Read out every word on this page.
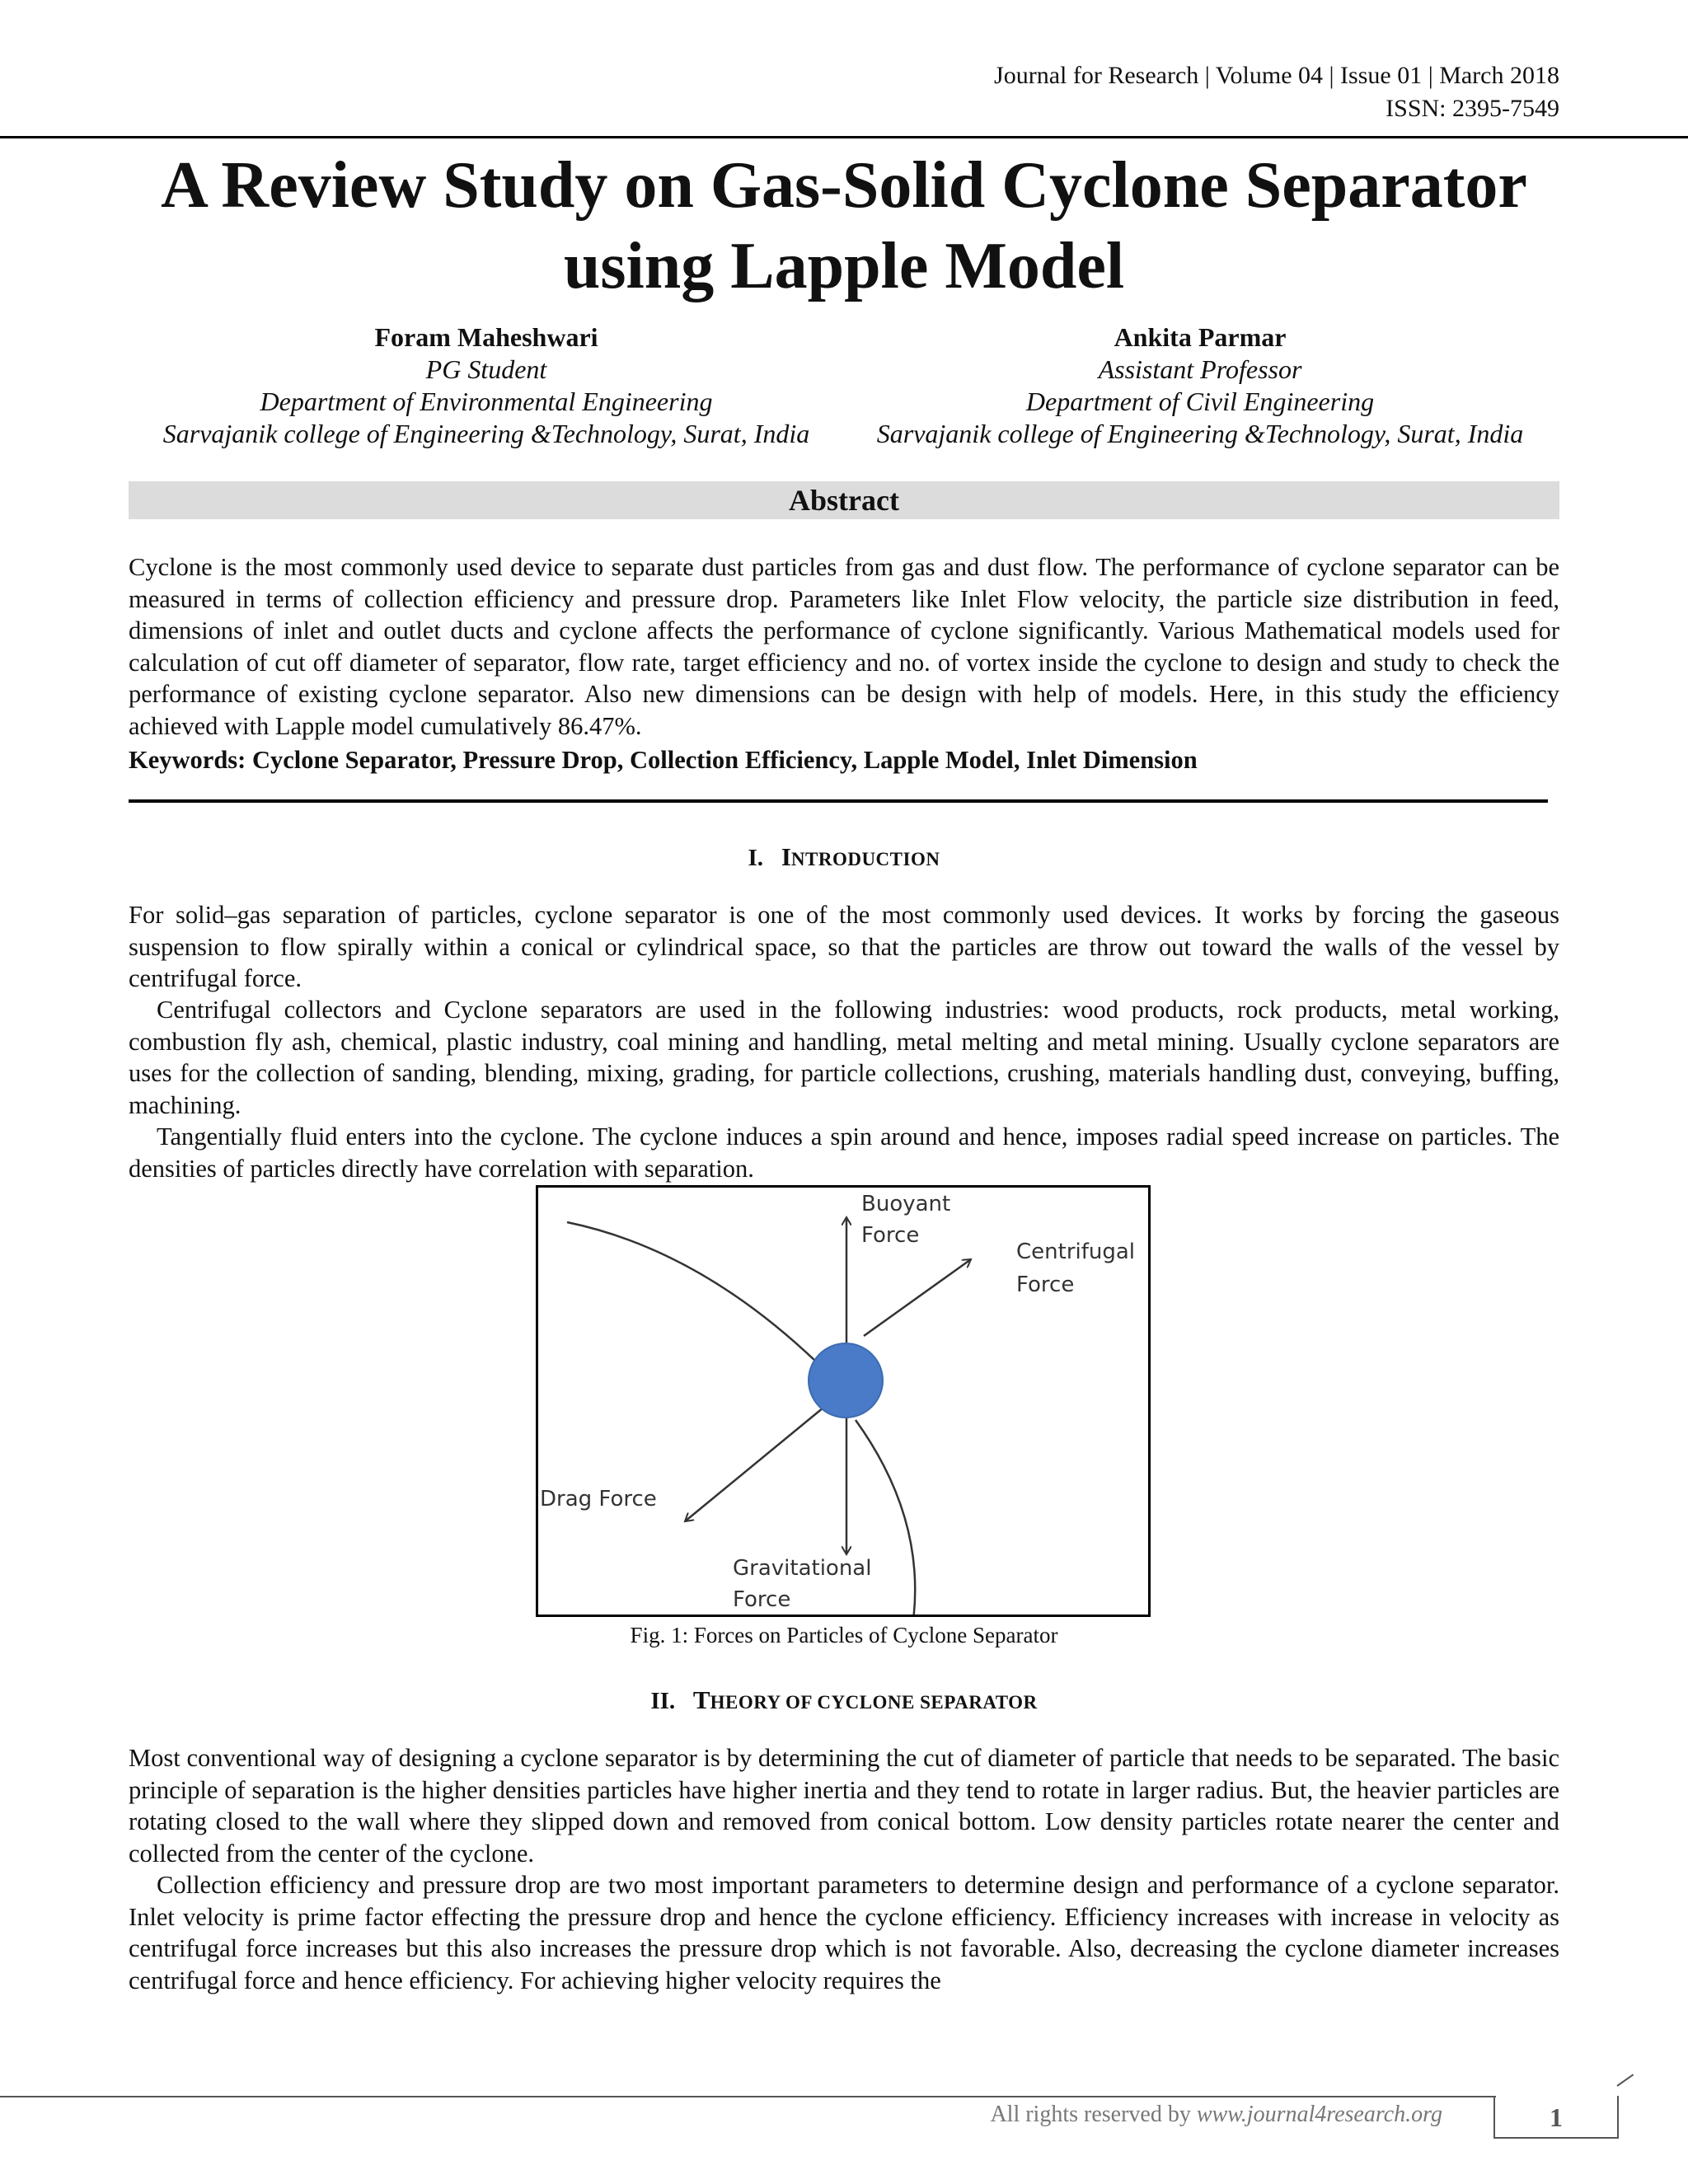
Journal for Research | Volume 04 | Issue 01 | March 2018
ISSN: 2395-7549
A Review Study on Gas-Solid Cyclone Separator
using Lapple Model
Foram Maheshwari
PG Student
Department of Environmental Engineering
Sarvajanik college of Engineering &Technology, Surat, India
Ankita Parmar
Assistant Professor
Department of Civil Engineering
Sarvajanik college of Engineering &Technology, Surat, India
Abstract

Cyclone is the most commonly used device to separate dust particles from gas and dust flow. The performance of cyclone separator can be measured in terms of collection efficiency and pressure drop. Parameters like Inlet Flow velocity, the particle size distribution in feed, dimensions of inlet and outlet ducts and cyclone affects the performance of cyclone significantly. Various Mathematical models used for calculation of cut off diameter of separator, flow rate, target efficiency and no. of vortex inside the cyclone to design and study to check the performance of existing cyclone separator. Also new dimensions can be design with help of models. Here, in this study the efficiency achieved with Lapple model cumulatively 86.47%.

Keywords: Cyclone Separator, Pressure Drop, Collection Efficiency, Lapple Model, Inlet Dimension
I. INTRODUCTION

For solid–gas separation of particles, cyclone separator is one of the most commonly used devices. It works by forcing the gaseous suspension to flow spirally within a conical or cylindrical space, so that the particles are throw out toward the walls of the vessel by centrifugal force.

Centrifugal collectors and Cyclone separators are used in the following industries: wood products, rock products, metal working, combustion fly ash, chemical, plastic industry, coal mining and handling, metal melting and metal mining. Usually cyclone separators are uses for the collection of sanding, blending, mixing, grading, for particle collections, crushing, materials handling dust, conveying, buffing, machining.

Tangentially fluid enters into the cyclone. The cyclone induces a spin around and hence, imposes radial speed increase on particles. The densities of particles directly have correlation with separation.

Buoyant
Force
Centrifugal
Force
Drag Force
Gravitational
Force
Fig. 1: Forces on Particles of Cyclone Separator
II. THEORY OF CYCLONE SEPARATOR

Most conventional way of designing a cyclone separator is by determining the cut of diameter of particle that needs to be separated. The basic principle of separation is the higher densities particles have higher inertia and they tend to rotate in larger radius. But, the heavier particles are rotating closed to the wall where they slipped down and removed from conical bottom. Low density particles rotate nearer the center and collected from the center of the cyclone.

Collection efficiency and pressure drop are two most important parameters to determine design and performance of a cyclone separator. Inlet velocity is prime factor effecting the pressure drop and hence the cyclone efficiency. Efficiency increases with increase in velocity as centrifugal force increases but this also increases the pressure drop which is not favorable. Also, decreasing the cyclone diameter increases centrifugal force and hence efficiency. For achieving higher velocity requires the

All rights reserved by www.journal4research.org	1
